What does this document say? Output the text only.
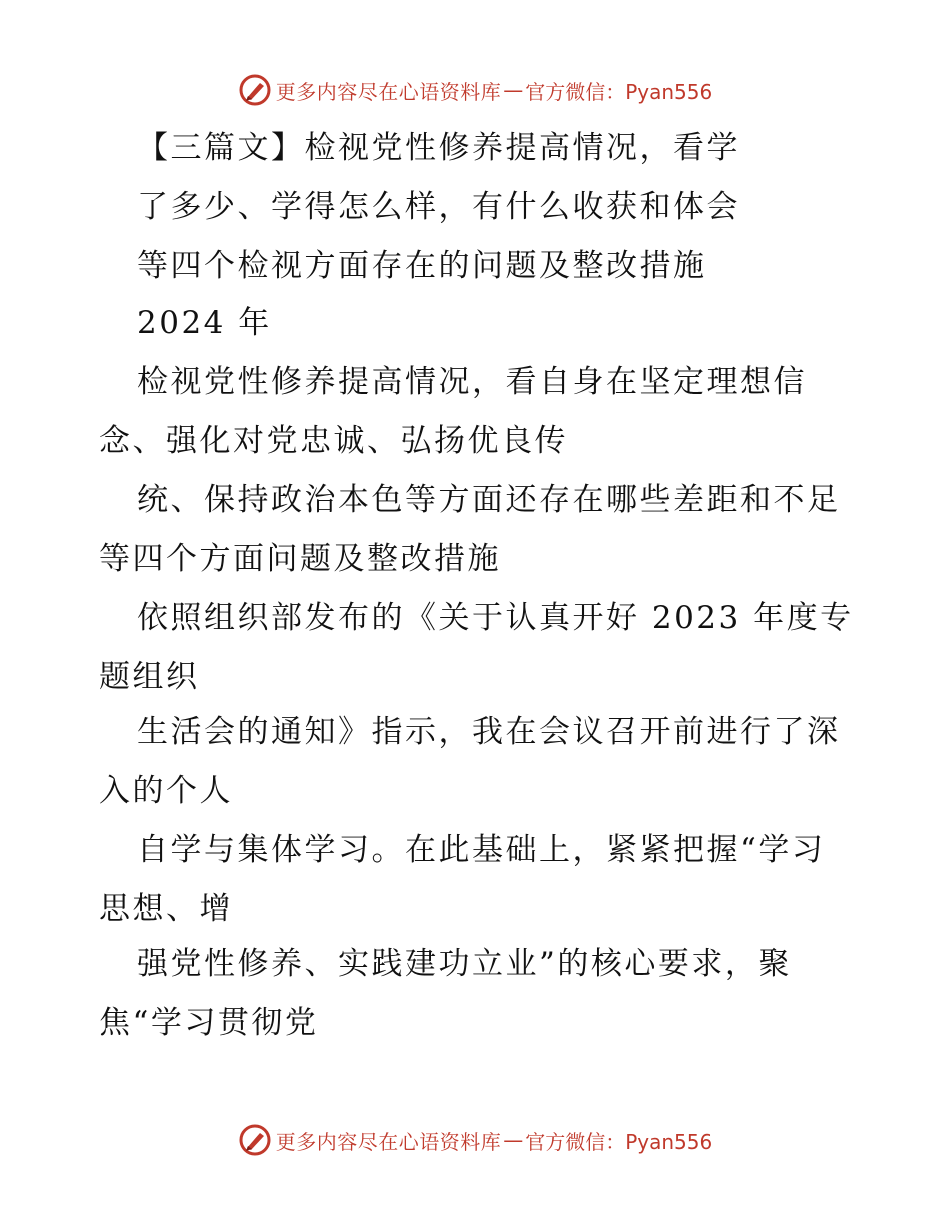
更多内容尽在心语资料库 — 官方微信：Pyan556
【三篇文】检视党性修养提高情况，看学
了多少、学得怎么样，有什么收获和体会
等四个检视方面存在的问题及整改措施
2024 年
检视党性修养提高情况，看自身在坚定理想信
念、强化对党忠诚、弘扬优良传
统、保持政治本色等方面还存在哪些差距和不足
等四个方面问题及整改措施
依照组织部发布的《关于认真开好 2023 年度专
题组织
生活会的通知》指示，我在会议召开前进行了深
入的个人
自学与集体学习。在此基础上，紧紧把握“学习
思想、增
强党性修养、实践建功立业”的核心要求，聚
焦“学习贯彻党
更多内容尽在心语资料库 — 官方微信：Pyan556
